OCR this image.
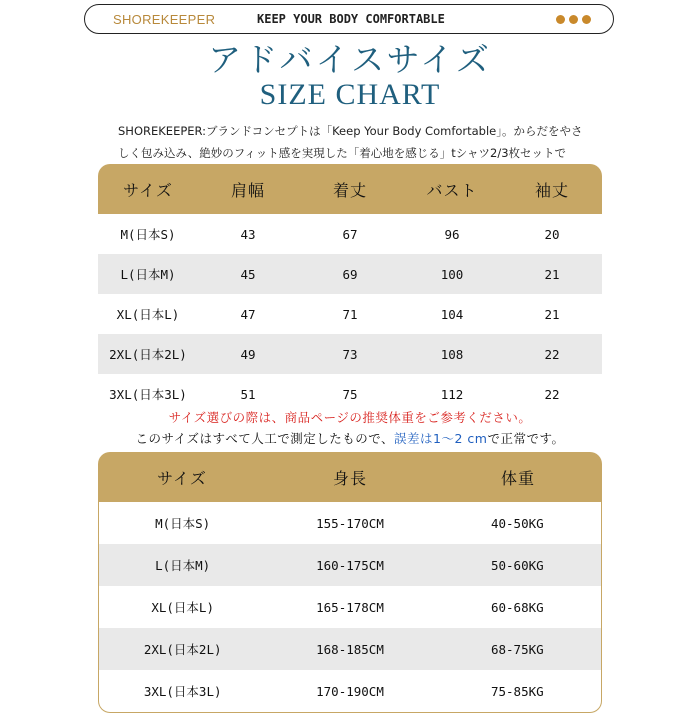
SHOREKEEPER	KEEP YOUR BODY COMFORTABLE
アドバイスサイズ
SIZE CHART
SHOREKEEPER:ブランドコンセプトは「Keep Your Body Comfortable」。からだをやさしく包み込み、絶妙のフィット感を実現した「着心地を感じる」tシャツ2/3枚セットで
サイズ	肩幅	着丈	バスト	袖丈
M(日本S)	43	67	96	20
L(日本M)	45	69	100	21
XL(日本L)	47	71	104	21
2XL(日本2L)	49	73	108	22
3XL(日本3L)	51	75	112	22
サイズ選びの際は、商品ページの推奨体重をご参考ください。
このサイズはすべて人工で測定したもので、誤差は1～2 cmで正常です。
サイズ	身長	体重
M(日本S)	155-170CM	40-50KG
L(日本M)	160-175CM	50-60KG
XL(日本L)	165-178CM	60-68KG
2XL(日本2L)	168-185CM	68-75KG
3XL(日本3L)	170-190CM	75-85KG
